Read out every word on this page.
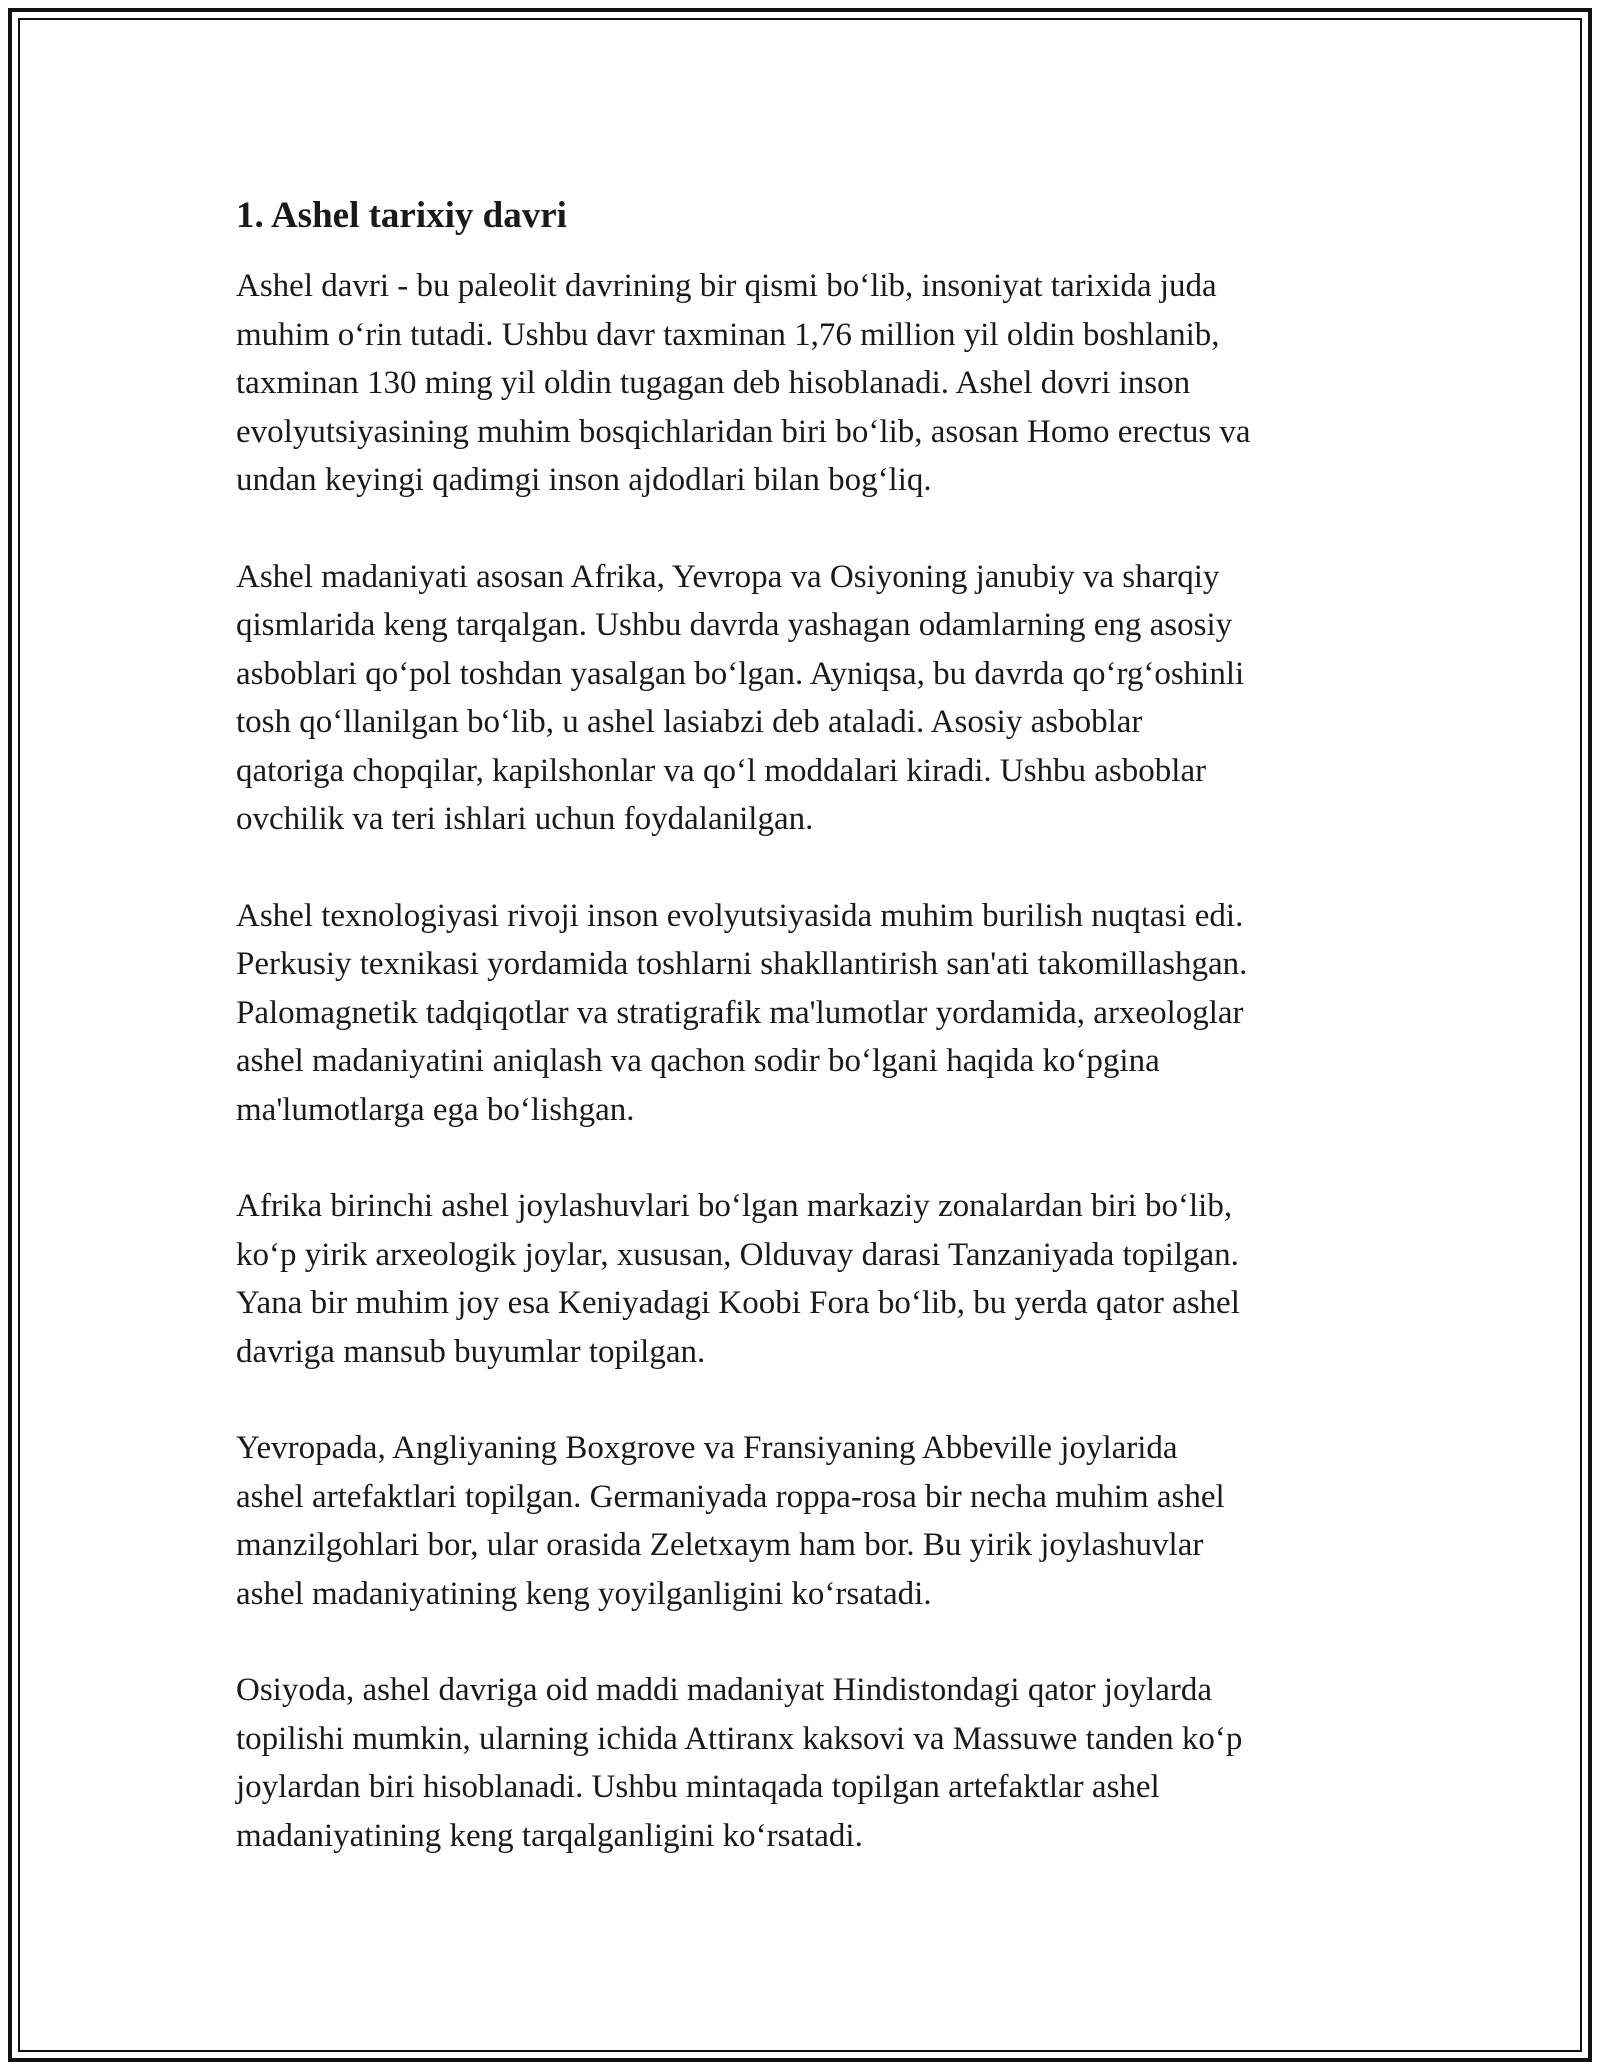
1. Ashel tarixiy davri

Ashel davri - bu paleolit davrining bir qismi bo‘lib, insoniyat tarixida juda
muhim o‘rin tutadi. Ushbu davr taxminan 1,76 million yil oldin boshlanib,
taxminan 130 ming yil oldin tugagan deb hisoblanadi. Ashel dovri inson
evolyutsiyasining muhim bosqichlaridan biri bo‘lib, asosan Homo erectus va
undan keyingi qadimgi inson ajdodlari bilan bog‘liq.

Ashel madaniyati asosan Afrika, Yevropa va Osiyoning janubiy va sharqiy
qismlarida keng tarqalgan. Ushbu davrda yashagan odamlarning eng asosiy
asboblari qo‘pol toshdan yasalgan bo‘lgan. Ayniqsa, bu davrda qo‘rg‘oshinli
tosh qo‘llanilgan bo‘lib, u ashel lasiabzi deb ataladi. Asosiy asboblar
qatoriga chopqilar, kapilshonlar va qo‘l moddalari kiradi. Ushbu asboblar
ovchilik va teri ishlari uchun foydalanilgan.

Ashel texnologiyasi rivoji inson evolyutsiyasida muhim burilish nuqtasi edi.
Perkusiy texnikasi yordamida toshlarni shakllantirish san'ati takomillashgan.
Palomagnetik tadqiqotlar va stratigrafik ma'lumotlar yordamida, arxeologlar
ashel madaniyatini aniqlash va qachon sodir bo‘lgani haqida ko‘pgina
ma'lumotlarga ega bo‘lishgan.

Afrika birinchi ashel joylashuvlari bo‘lgan markaziy zonalardan biri bo‘lib,
ko‘p yirik arxeologik joylar, xususan, Olduvay darasi Tanzaniyada topilgan.
Yana bir muhim joy esa Keniyadagi Koobi Fora bo‘lib, bu yerda qator ashel
davriga mansub buyumlar topilgan.

Yevropada, Angliyaning Boxgrove va Fransiyaning Abbeville joylarida
ashel artefaktlari topilgan. Germaniyada roppa-rosa bir necha muhim ashel
manzilgohlari bor, ular orasida Zeletxaym ham bor. Bu yirik joylashuvlar
ashel madaniyatining keng yoyilganligini ko‘rsatadi.

Osiyoda, ashel davriga oid maddi madaniyat Hindistondagi qator joylarda
topilishi mumkin, ularning ichida Attiranx kaksovi va Massuwe tanden ko‘p
joylardan biri hisoblanadi. Ushbu mintaqada topilgan artefaktlar ashel
madaniyatining keng tarqalganligini ko‘rsatadi.
